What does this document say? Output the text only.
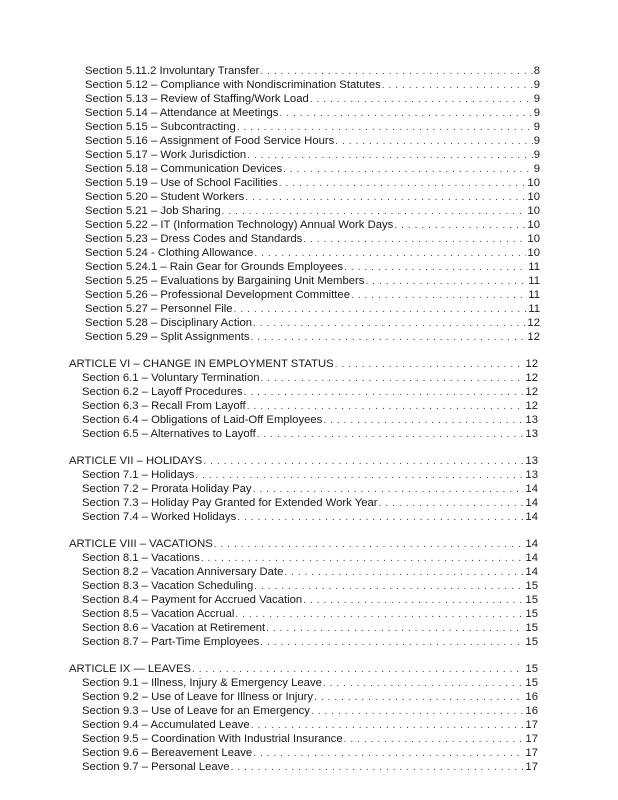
Section 5.11.2 Involuntary Transfer . . .	8
Section 5.12 – Compliance with Nondiscrimination Statutes . . .	9
Section 5.13 – Review of Staffing/Work Load . . .	9
Section 5.14 – Attendance at Meetings . . .	9
Section 5.15 – Subcontracting . . .	9
Section 5.16 – Assignment of Food Service Hours . . .	9
Section 5.17 – Work Jurisdiction . . .	9
Section 5.18 – Communication Devices . . .	9
Section 5.19 – Use of School Facilities . . .	10
Section 5.20 – Student Workers . . .	10
Section 5.21 – Job Sharing . . .	10
Section 5.22 – IT (Information Technology) Annual Work Days . . .	10
Section 5.23 – Dress Codes and Standards . . .	10
Section 5.24 - Clothing Allowance . . .	10
Section 5.24.1 – Rain Gear for Grounds Employees . . .	11
Section 5.25 – Evaluations by Bargaining Unit Members . . .	11
Section 5.26 – Professional Development Committee . . .	11
Section 5.27 – Personnel File . . .	11
Section 5.28 – Disciplinary Action . . .	12
Section 5.29 – Split Assignments . . .	12
ARTICLE VI – CHANGE IN EMPLOYMENT STATUS . . .	12
Section 6.1 – Voluntary Termination . . .	12
Section 6.2 – Layoff Procedures . . .	12
Section 6.3 – Recall From Layoff . . .	12
Section 6.4 – Obligations of Laid-Off Employees . . .	13
Section 6.5 – Alternatives to Layoff . . .	13
ARTICLE VII – HOLIDAYS . . .	13
Section 7.1 – Holidays . . .	13
Section 7.2 – Prorata Holiday Pay . . .	14
Section 7.3 – Holiday Pay Granted for Extended Work Year . . .	14
Section 7.4 – Worked Holidays . . .	14
ARTICLE VIII – VACATIONS . . .	14
Section 8.1 – Vacations . . .	14
Section 8.2 – Vacation Anniversary Date . . .	14
Section 8.3 – Vacation Scheduling . . .	15
Section 8.4 – Payment for Accrued Vacation . . .	15
Section 8.5 – Vacation Accrual . . .	15
Section 8.6 – Vacation at Retirement . . .	15
Section 8.7 – Part-Time Employees . . .	15
ARTICLE IX — LEAVES . . .	15
Section 9.1 – Illness, Injury & Emergency Leave . . .	15
Section 9.2 – Use of Leave for Illness or Injury . . .	16
Section 9.3 – Use of Leave for an Emergency . . .	16
Section 9.4 – Accumulated Leave . . .	17
Section 9.5 – Coordination With Industrial Insurance . . .	17
Section 9.6 – Bereavement Leave . . .	17
Section 9.7 – Personal Leave . . .	17
